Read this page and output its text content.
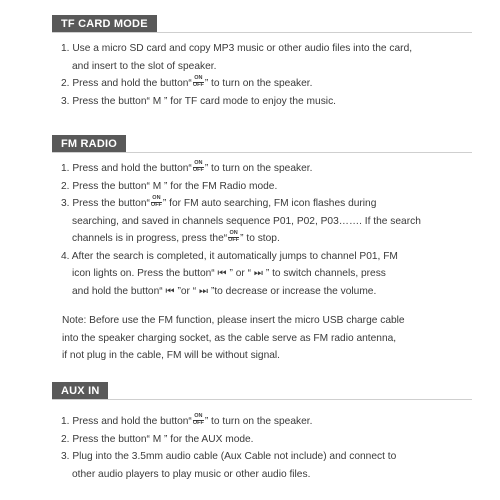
TF CARD MODE
1. Use a micro SD card and copy MP3 music or other audio files into the card,
and insert to the slot of speaker.
2. Press and hold the button“ ON
OFF ” to turn on the speaker.
3. Press the button“ M ” for TF card mode to enjoy the music.
FM RADIO
1. Press and hold the button“ ON
OFF ” to turn on the speaker.
2. Press the button“ M ” for the FM Radio mode.
3. Press the button“ ON
OFF ” for FM auto searching, FM icon flashes during
searching, and saved in channels sequence P01, P02, P03……. If the search
channels is in progress, press the“ ON
OFF ” to stop.
4. After the search is completed, it automatically jumps to channel P01, FM
icon lights on. Press the button“ ⏮ ” or “ ⏭ ” to switch channels, press
and hold the button“ ⏮ ”or “ ⏭ ”to decrease or increase the volume.
Note: Before use the FM function, please insert the micro USB charge cable
into the speaker charging socket, as the cable serve as FM radio antenna,
if not plug in the cable, FM will be without signal.
AUX IN
1. Press and hold the button“ ON
OFF ” to turn on the speaker.
2. Press the button“ M ” for the AUX mode.
3. Plug into the 3.5mm audio cable (Aux Cable not include) and connect to
other audio players to play music or other audio files.
